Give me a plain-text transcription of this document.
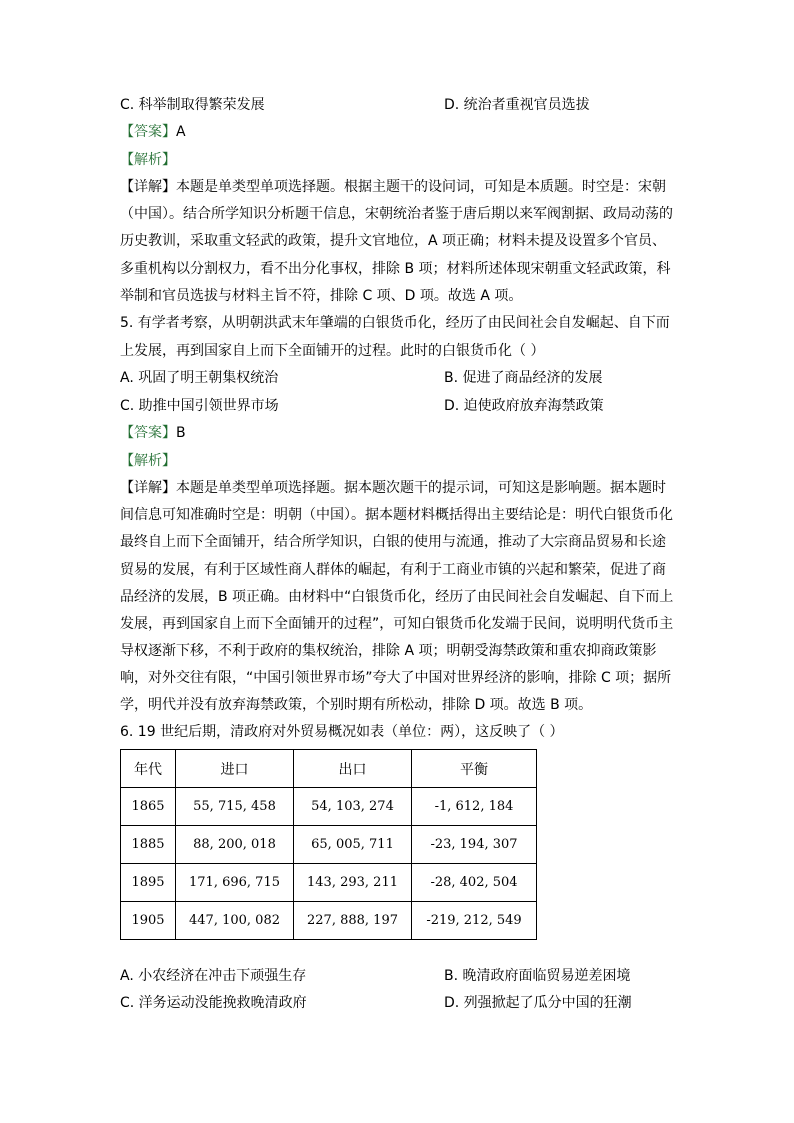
C. 科举制取得繁荣发展	D. 统治者重视官员选拔
【答案】A
【解析】
【详解】本题是单类型单项选择题。根据主题干的设问词，可知是本质题。时空是：宋朝
（中国）。结合所学知识分析题干信息，宋朝统治者鉴于唐后期以来军阀割据、政局动荡的
历史教训，采取重文轻武的政策，提升文官地位，A 项正确；材料未提及设置多个官员、
多重机构以分割权力，看不出分化事权，排除 B 项；材料所述体现宋朝重文轻武政策，科
举制和官员选拔与材料主旨不符，排除 C 项、D 项。故选 A 项。
5. 有学者考察，从明朝洪武末年肇端的白银货币化，经历了由民间社会自发崛起、自下而
上发展，再到国家自上而下全面铺开的过程。此时的白银货币化（ ）
A. 巩固了明王朝集权统治	B. 促进了商品经济的发展
C. 助推中国引领世界市场	D. 迫使政府放弃海禁政策
【答案】B
【解析】
【详解】本题是单类型单项选择题。据本题次题干的提示词，可知这是影响题。据本题时
间信息可知准确时空是：明朝（中国）。据本题材料概括得出主要结论是：明代白银货币化
最终自上而下全面铺开，结合所学知识，白银的使用与流通，推动了大宗商品贸易和长途
贸易的发展，有利于区域性商人群体的崛起，有利于工商业市镇的兴起和繁荣，促进了商
品经济的发展，B 项正确。由材料中“白银货币化，经历了由民间社会自发崛起、自下而上
发展，再到国家自上而下全面铺开的过程”，可知白银货币化发端于民间，说明明代货币主
导权逐渐下移，不利于政府的集权统治，排除 A 项；明朝受海禁政策和重农抑商政策影
响，对外交往有限，“中国引领世界市场”夸大了中国对世界经济的影响，排除 C 项；据所
学，明代并没有放弃海禁政策，个别时期有所松动，排除 D 项。故选 B 项。
6. 19 世纪后期，清政府对外贸易概况如表（单位：两），这反映了（ ）
年代	进口	出口	平衡
1865	55, 715, 458	54, 103, 274	-1, 612, 184
1885	88, 200, 018	65, 005, 711	-23, 194, 307
1895	171, 696, 715	143, 293, 211	-28, 402, 504
1905	447, 100, 082	227, 888, 197	-219, 212, 549
A. 小农经济在冲击下顽强生存	B. 晚清政府面临贸易逆差困境
C. 洋务运动没能挽救晚清政府	D. 列强掀起了瓜分中国的狂潮
